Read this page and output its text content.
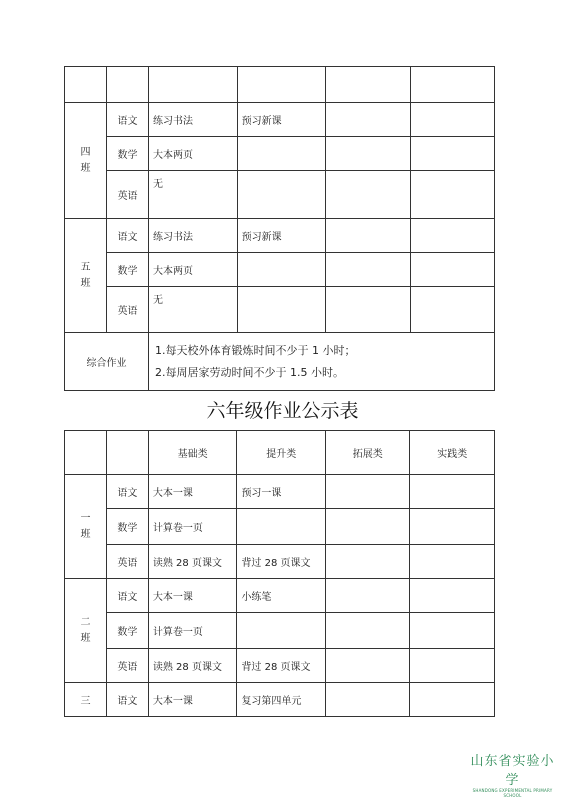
四
班	语文	练习书法	预习新课		
	数学	大本两页			
	英语	无			
五
班	语文	练习书法	预习新课		
	数学	大本两页			
	英语	无			
综合作业		1.每天校外体育锻炼时间不少于 1 小时；
2.每周居家劳动时间不少于 1.5 小时。			
六年级作业公示表
		基础类	提升类	拓展类	实践类
一
班	语文	大本一课	预习一课		
	数学	计算卷一页			
	英语	读熟 28 页课文	背过 28 页课文		
二
班	语文	大本一课	小练笔		
	数学	计算卷一页			
	英语	读熟 28 页课文	背过 28 页课文		
三	语文	大本一课	复习第四单元		
山东省实验小学
SHANDONG EXPERIMENTAL PRIMARY SCHOOL
